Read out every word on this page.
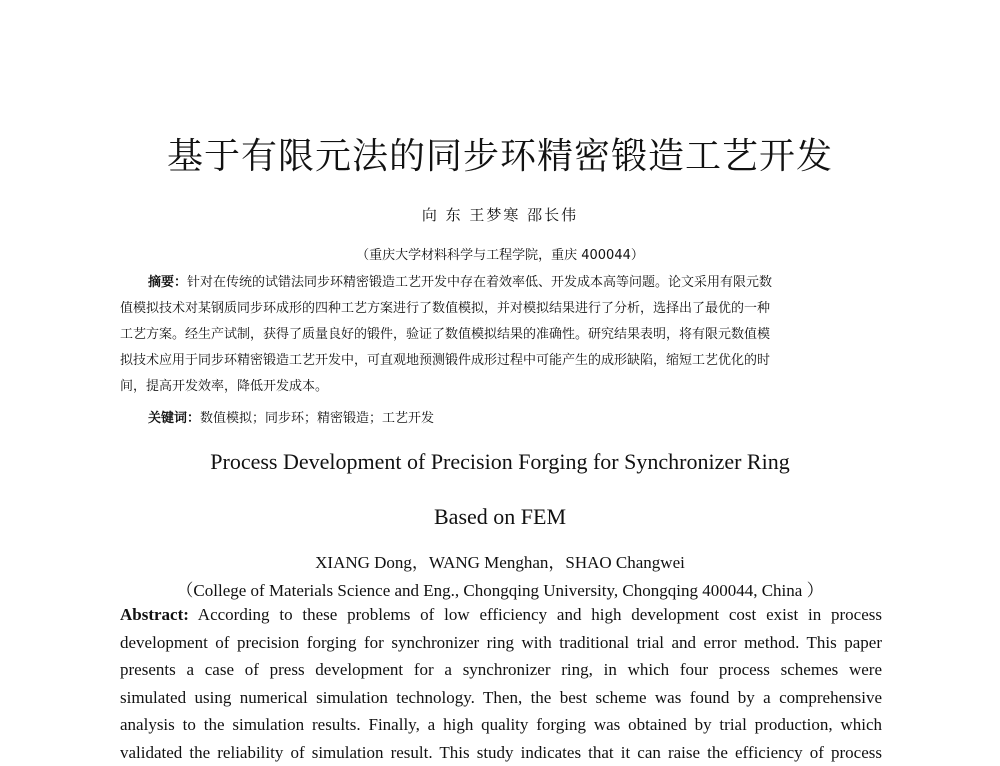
基于有限元法的同步环精密锻造工艺开发
向 东 王梦寒 邵长伟
（重庆大学材料科学与工程学院，重庆 400044）
摘要：针对在传统的试错法同步环精密锻造工艺开发中存在着效率低、开发成本高等问题。论文采用有限元数
值模拟技术对某钢质同步环成形的四种工艺方案进行了数值模拟，并对模拟结果进行了分析，选择出了最优的一种
工艺方案。经生产试制，获得了质量良好的锻件，验证了数值模拟结果的准确性。研究结果表明，将有限元数值模
拟技术应用于同步环精密锻造工艺开发中，可直观地预测锻件成形过程中可能产生的成形缺陷，缩短工艺优化的时
间，提高开发效率，降低开发成本。
关键词：数值模拟；同步环；精密锻造；工艺开发
Process Development of Precision Forging for Synchronizer Ring
Based on FEM
XIANG Dong，WANG Menghan，SHAO Changwei
（College of Materials Science and Eng., Chongqing University, Chongqing 400044, China ）
Abstract: According to these problems of low efficiency and high development cost exist in process
development of precision forging for synchronizer ring with traditional trial and error method. This paper
presents a case of press development for a synchronizer ring, in which four process schemes were
simulated using numerical simulation technology. Then, the best scheme was found by a comprehensive
analysis to the simulation results. Finally, a high quality forging was obtained by trial production, which
validated the reliability of simulation result. This study indicates that it can raise the efficiency of process
